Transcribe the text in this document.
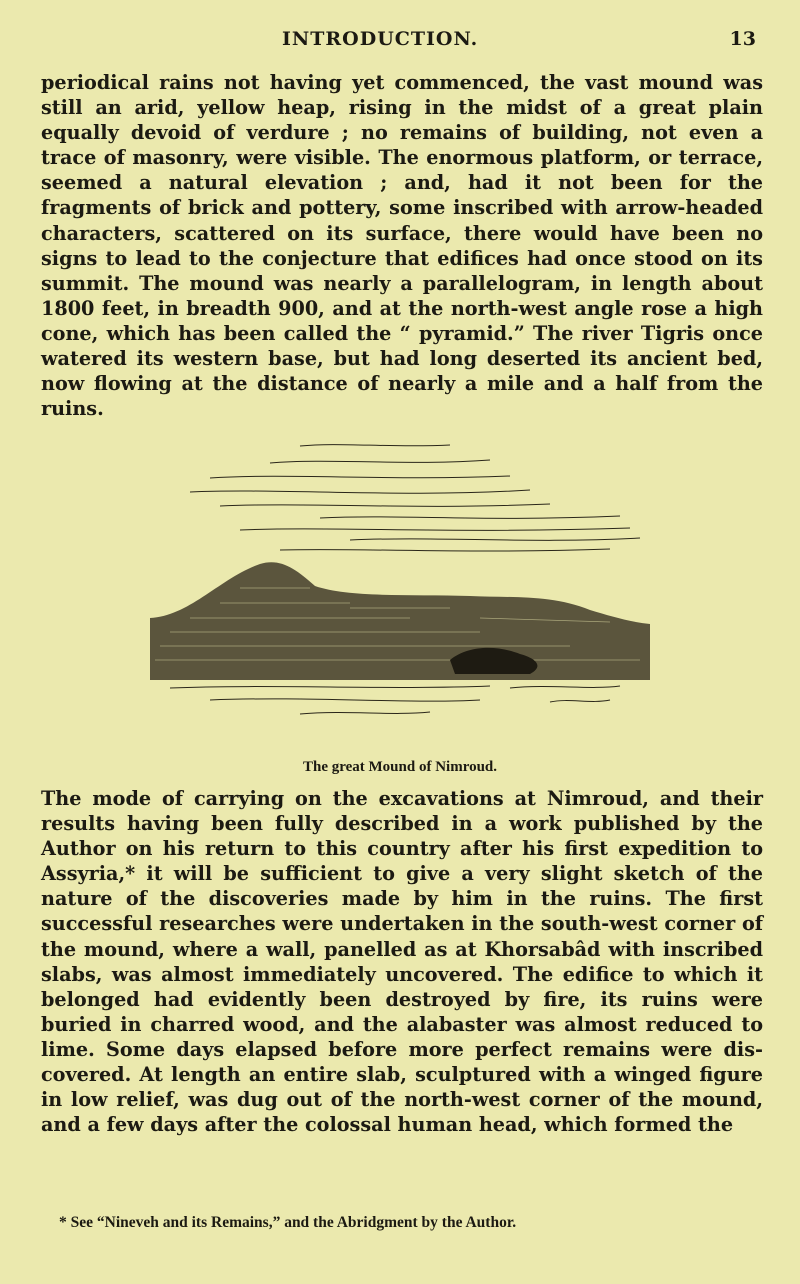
INTRODUCTION.	13

periodical rains not having yet commenced, the vast mound was still an arid, yellow heap, rising in the midst of a great plain equally devoid of verdure ; no remains of building, not even a trace of masonry, were visible. The enormous platform, or terrace, seemed a natural elevation ; and, had it not been for the fragments of brick and pottery, some inscribed with arrow-headed characters, scattered on its surface, there would have been no signs to lead to the conjecture that edifices had once stood on its summit. The mound was nearly a parallelogram, in length about 1800 feet, in breadth 900, and at the north-west angle rose a high cone, which has been called the “ pyramid.” The river Tigris once watered its western base, but had long deserted its ancient bed, now flowing at the distance of nearly a mile and a half from the ruins.

The great Mound of Nimroud.

The mode of carrying on the excavations at Nimroud, and their results having been fully described in a work published by the Author on his return to this country after his first expedition to Assyria,* it will be sufficient to give a very slight sketch of the nature of the discoveries made by him in the ruins. The first successful researches were undertaken in the south-west corner of the mound, where a wall, panelled as at Khorsabâd with inscribed slabs, was almost immediately uncovered. The edifice to which it belonged had evidently been destroyed by fire, its ruins were buried in charred wood, and the alabaster was almost reduced to lime. Some days elapsed before more perfect remains were dis-covered. At length an entire slab, sculptured with a winged figure in low relief, was dug out of the north-west corner of the mound, and a few days after the colossal human head, which formed the

* See “Nineveh and its Remains,” and the Abridgment by the Author.
